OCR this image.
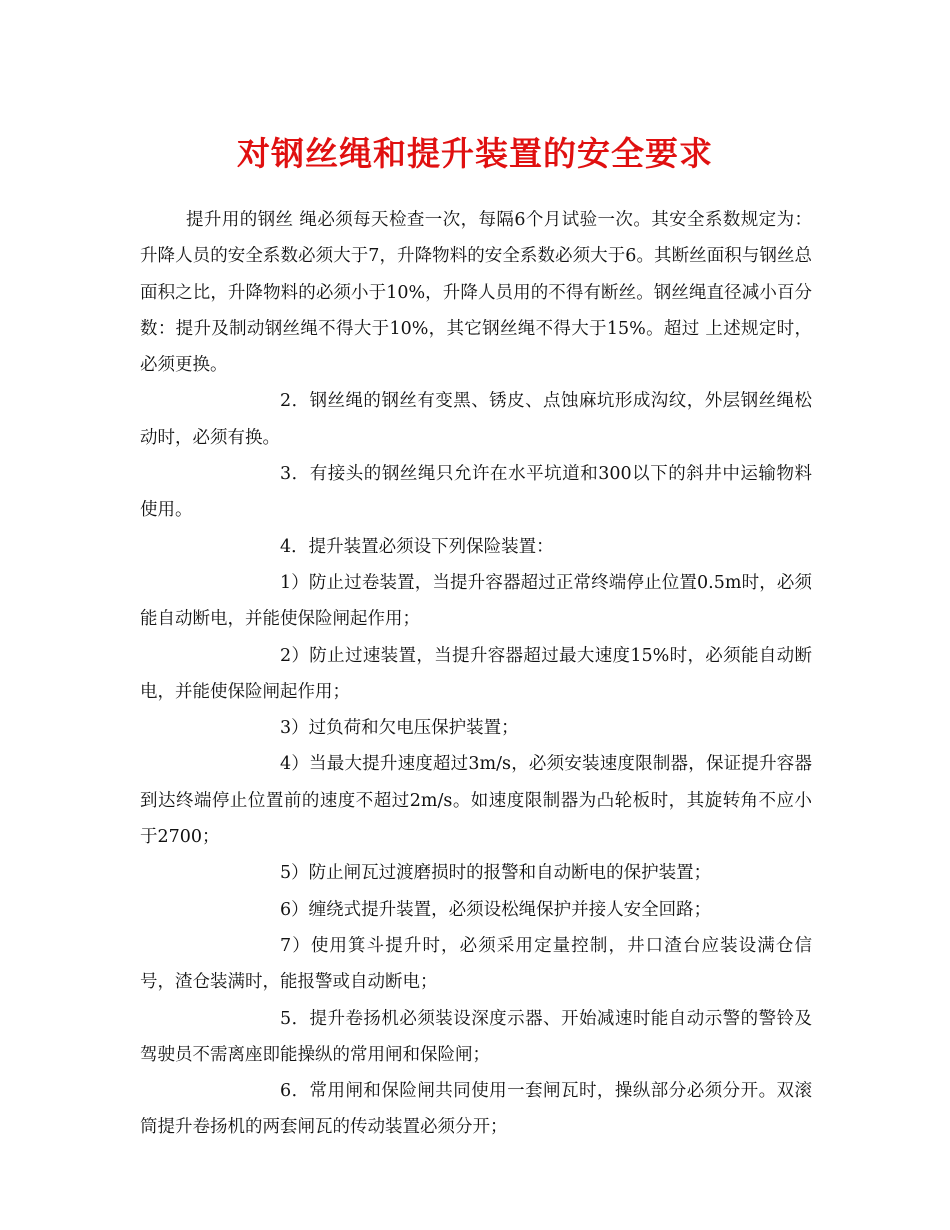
对钢丝绳和提升装置的安全要求

提升用的钢丝 绳必须每天检查一次，每隔6个月试验一次。其安全系数规定为：升降人员的安全系数必须大于7，升降物料的安全系数必须大于6。其断丝面积与钢丝总面积之比，升降物料的必须小于10%，升降人员用的不得有断丝。钢丝绳直径减小百分数：提升及制动钢丝绳不得大于10%，其它钢丝绳不得大于15%。超过 上述规定时，必须更换。

2．钢丝绳的钢丝有变黑、锈皮、点蚀麻坑形成沟纹，外层钢丝绳松动时，必须有换。

3．有接头的钢丝绳只允许在水平坑道和300以下的斜井中运输物料使用。

4．提升装置必须设下列保险装置：

1）防止过卷装置，当提升容器超过正常终端停止位置0.5m时，必须能自动断电，并能使保险闸起作用；

2）防止过速装置，当提升容器超过最大速度15%时，必须能自动断电，并能使保险闸起作用；

3）过负荷和欠电压保护装置；

4）当最大提升速度超过3m/s，必须安装速度限制器，保证提升容器到达终端停止位置前的速度不超过2m/s。如速度限制器为凸轮板时，其旋转角不应小于2700；

5）防止闸瓦过渡磨损时的报警和自动断电的保护装置；

6）缠绕式提升装置，必须设松绳保护并接人安全回路；

7）使用箕斗提升时，必须采用定量控制，井口渣台应装设满仓信号，渣仓装满时，能报警或自动断电；

5．提升卷扬机必须装设深度示器、开始减速时能自动示警的警铃及驾驶员不需离座即能操纵的常用闸和保险闸；

6．常用闸和保险闸共同使用一套闸瓦时，操纵部分必须分开。双滚筒提升卷扬机的两套闸瓦的传动装置必须分开；
